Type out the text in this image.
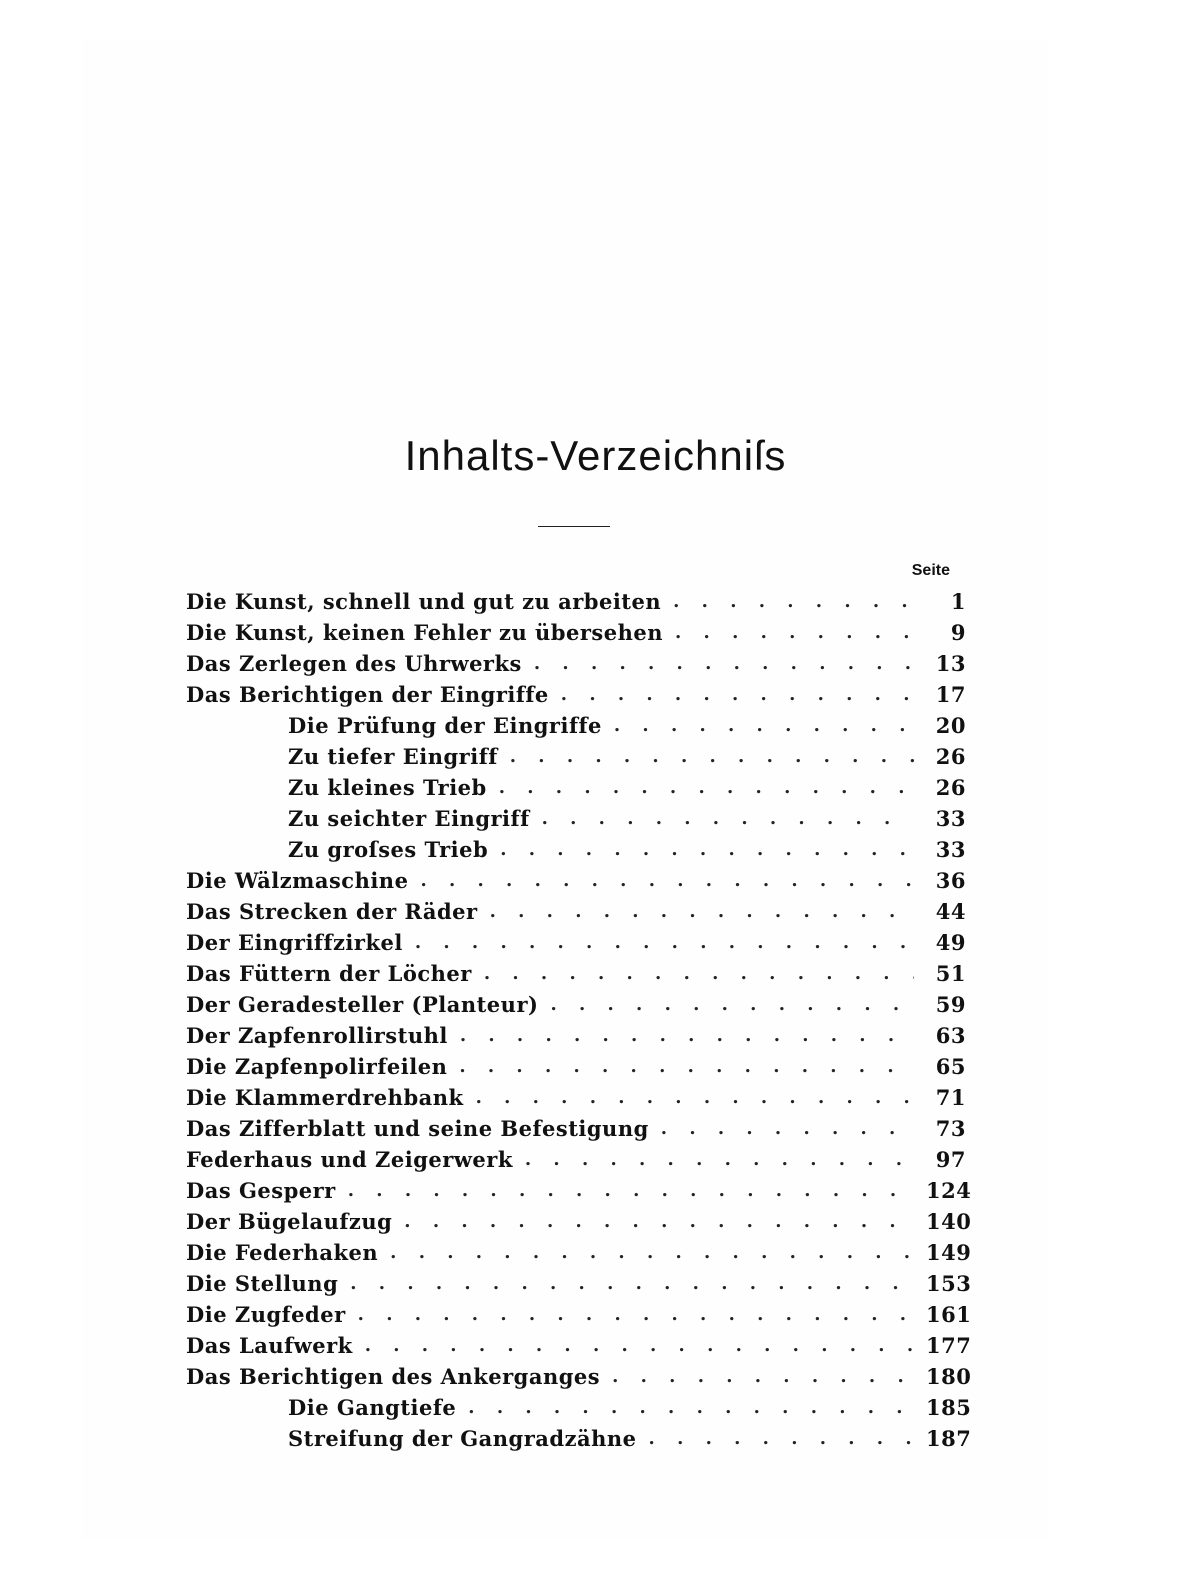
Inhalts-Verzeichniſs
Seite
Die Kunst, schnell und gut zu arbeiten . . .	1
Die Kunst, keinen Fehler zu übersehen . . .	9
Das Zerlegen des Uhrwerks . . .	13
Das Berichtigen der Eingriffe . . .	17
Die Prüfung der Eingriffe . . .	20
Zu tiefer Eingriff . . .	26
Zu kleines Trieb . . .	26
Zu seichter Eingriff . . .	33
Zu groſses Trieb . . .	33
Die Wälzmaschine . . .	36
Das Strecken der Räder . . .	44
Der Eingriffzirkel . . .	49
Das Füttern der Löcher . . .	51
Der Geradesteller (Planteur) . . .	59
Der Zapfenrollirstuhl . . .	63
Die Zapfenpolirfeilen . . .	65
Die Klammerdrehbank . . .	71
Das Zifferblatt und seine Befestigung . . .	73
Federhaus und Zeigerwerk . . .	97
Das Gesperr . . .	124
Der Bügelaufzug . . .	140
Die Federhaken . . .	149
Die Stellung . . .	153
Die Zugfeder . . .	161
Das Laufwerk . . .	177
Das Berichtigen des Ankerganges . . .	180
Die Gangtiefe . . .	185
Streifung der Gangradzähne . . .	187
